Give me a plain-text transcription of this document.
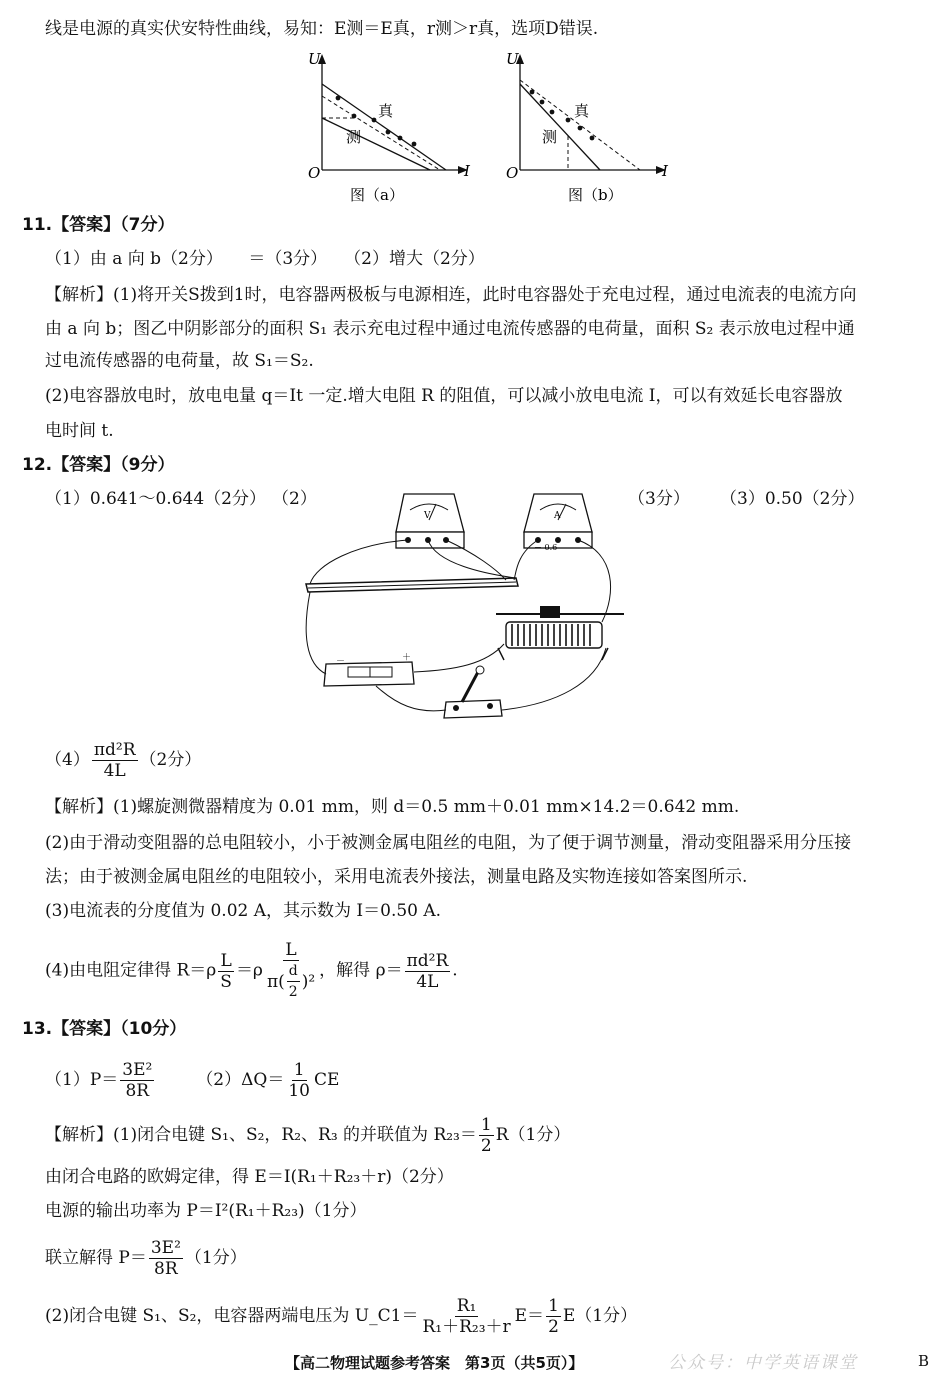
线是电源的真实伏安特性曲线，易知：E测＝E真，r测＞r真，选项D错误.
U
I
O
真
测
图（a）
U
I
O
真
测
图（b）
11.【答案】（7分）
（1）由 a 向 b（2分）　　＝（3分）　　（2）增大（2分）
【解析】(1)将开关S拨到1时，电容器两极板与电源相连，此时电容器处于充电过程，通过电流表的电流方向
由 a 向 b；图乙中阴影部分的面积 S₁ 表示充电过程中通过电流传感器的电荷量，面积 S₂ 表示放电过程中通
过电流传感器的电荷量，故 S₁＝S₂.
(2)电容器放电时，放电电量 q＝It 一定.增大电阻 R 的阻值，可以减小放电电流 I，可以有效延长电容器放
电时间 t.
12.【答案】（9分）
（1）0.641～0.644（2分） （2）	（3分） （3）0.50（2分）
V	A
－ 0.6
－	＋
$(4) \frac{\text{πd²R}}{4L} (2$分）
【解析】(1)螺旋测微器精度为 0.01 mm，则 d＝0.5 mm＋0.01 mm×14.2＝0.642 mm.
(2)由于滑动变阻器的总电阻较小，小于被测金属电阻丝的电阻，为了便于调节测量，滑动变阻器采用分压接
法；由于被测金属电阻丝的电阻较小，采用电流表外接法，测量电路及实物连接如答案图所示.
(3)电流表的分度值为 0.02 A，其示数为 I＝0.50 A.
(4)由电阻定律得 $R=\rho \frac{L}{S} =\rho \frac{L}{\pi( \frac{d}{2} )^2}$ ，解得 $\rho= \frac{\text{πd²R}}{4L}$ .
13.【答案】（10分）
$(1)P= \frac{\text{3E²}}{8R} (2)\Delta Q= \frac{1}{10}$ CE
【解析】(1)闭合电键 S₁、S₂，R₂、R₃ 的并联值为 $R_{23}= \frac{1}{2} R(1$分）
由闭合电路的欧姆定律，得 E＝I(R₁＋R₂₃＋r)（2分）
电源的输出功率为 P＝I²(R₁＋R₂₃)（1分）
联立解得 $P= \frac{\text{3E²}}{8R} (1$分）
(2)闭合电键 S₁、S₂，电容器两端电压为 U_C1＝ $\frac{\text{R₁}}{\text{R₁＋R₂₃＋r}} E= \frac{1}{2} E(1$分）
【高二物理试题参考答案　第3页（共5页）】	公众号：中学英语课堂	B
